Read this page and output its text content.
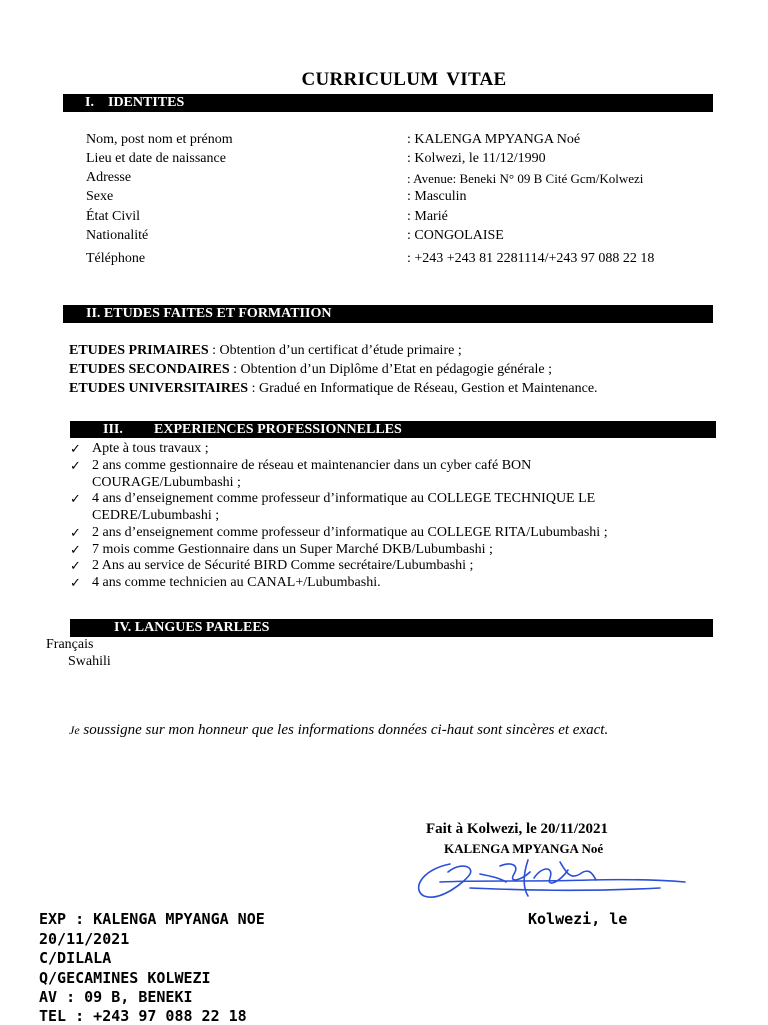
CURRICULUM VITAE
I. IDENTITES
Nom, post nom et prénom	: KALENGA MPYANGA Noé
Lieu et date de naissance	: Kolwezi, le 11/12/1990
Adresse	: Avenue: Beneki N° 09 B Cité Gcm/Kolwezi
Sexe	: Masculin
État Civil	: Marié
Nationalité	: CONGOLAISE
Téléphone	: +243 +243 81 2281114/+243 97 088 22 18
II. ETUDES FAITES ET FORMATIION
ETUDES PRIMAIRES : Obtention d’un certificat d’étude primaire ;
ETUDES SECONDAIRES : Obtention d’un Diplôme d’Etat en pédagogie générale ;
ETUDES UNIVERSITAIRES : Gradué en Informatique de Réseau, Gestion et Maintenance.
III. EXPERIENCES PROFESSIONNELLES
✓ Apte à tous travaux ;
✓ 2 ans comme gestionnaire de réseau et maintenancier dans un cyber café BON
COURAGE/Lubumbashi ;
✓ 4 ans d’enseignement comme professeur d’informatique au COLLEGE TECHNIQUE LE
CEDRE/Lubumbashi ;
✓ 2 ans d’enseignement comme professeur d’informatique au COLLEGE RITA/Lubumbashi ;
✓ 7 mois comme Gestionnaire dans un Super Marché DKB/Lubumbashi ;
✓ 2 Ans au service de Sécurité BIRD Comme secrétaire/Lubumbashi ;
✓ 4 ans comme technicien au CANAL+/Lubumbashi.
IV. LANGUES PARLEES
Français
Swahili
Je soussigne sur mon honneur que les informations données ci-haut sont sincères et exact.
Fait à Kolwezi, le 20/11/2021
KALENGA MPYANGA Noé
EXP : KALENGA MPYANGA NOE	Kolwezi, le
20/11/2021
C/DILALA
Q/GECAMINES KOLWEZI
AV : 09 B, BENEKI
TEL : +243 97 088 22 18
